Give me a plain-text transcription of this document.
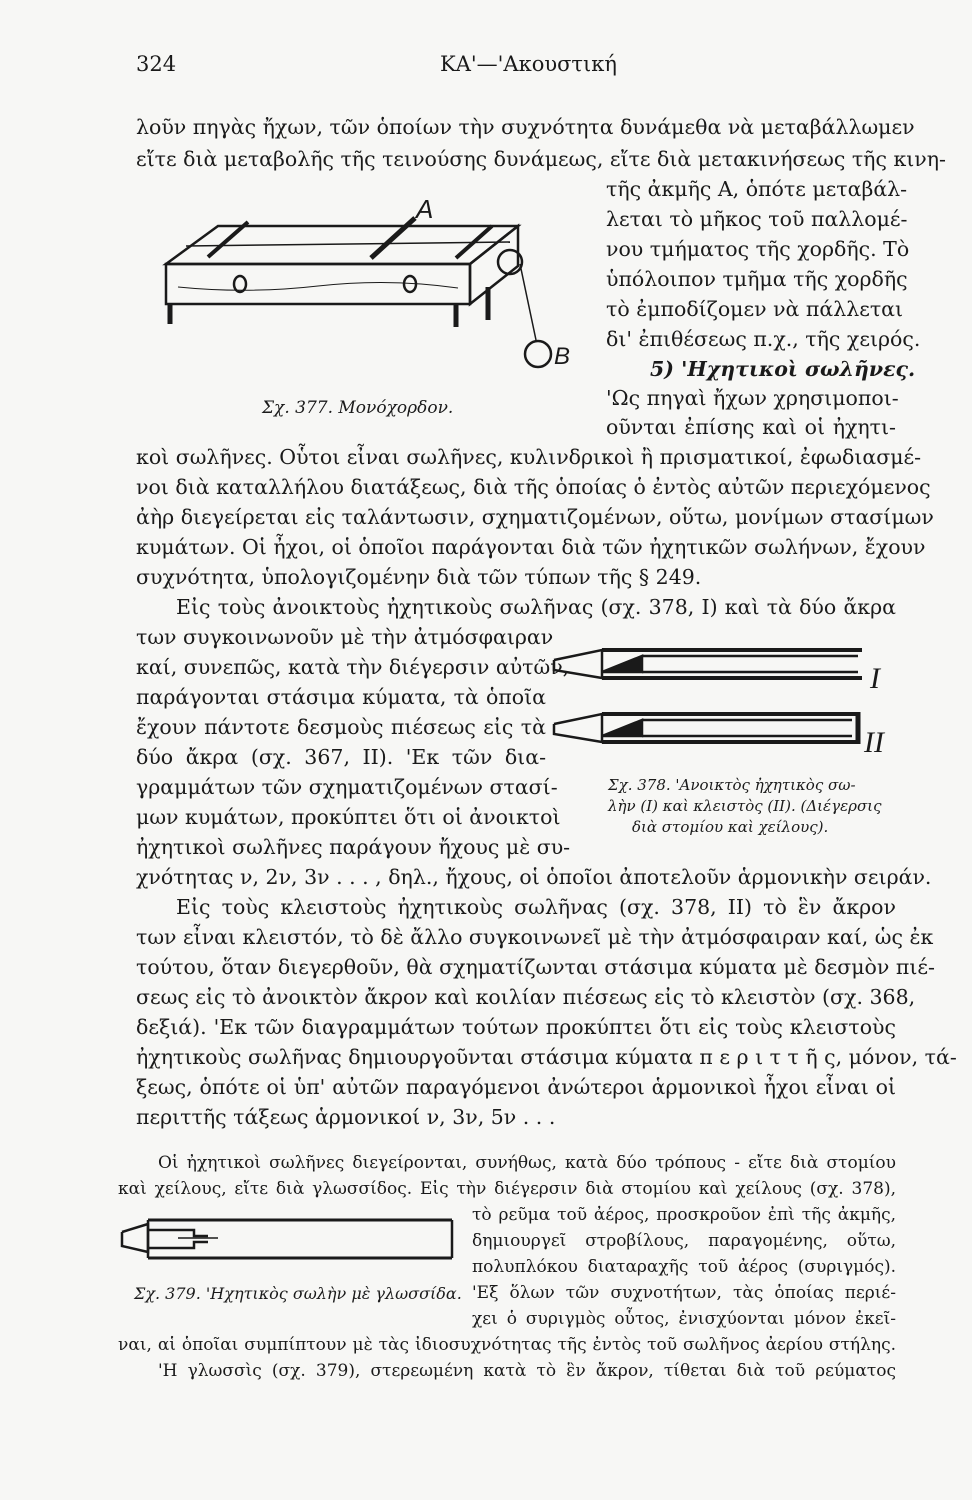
324	ΚΑ'—'Ακουστική
λοῦν πηγὰς ἤχων, τῶν ὁποίων τὴν συχνότητα δυνάμεθα νὰ μεταβάλλωμεν
εἴτε διὰ μεταβολῆς τῆς τεινούσης δυνάμεως, εἴτε διὰ μετακινήσεως τῆς κινη-
Α
Β
τῆς ἀκμῆς Α, ὁπότε μεταβάλ-
λεται τὸ μῆκος τοῦ παλλομέ-
νου τμήματος τῆς χορδῆς. Τὸ
ὑπόλοιπον τμῆμα τῆς χορδῆς
τὸ ἐμποδίζομεν νὰ πάλλεται
δι' ἐπιθέσεως π.χ., τῆς χειρός.
5) 'Ηχητικοὶ σωλῆνες.
'Ως πηγαὶ ἤχων χρησιμοποι-
οῦνται ἐπίσης καὶ οἱ ἠχητι-
Σχ. 377. Μονόχορδον.
κοὶ σωλῆνες. Οὗτοι εἶναι σωλῆνες, κυλινδρικοὶ ἢ πρισματικοί, ἐφωδιασμέ-
νοι διὰ καταλλήλου διατάξεως, διὰ τῆς ὁποίας ὁ ἐντὸς αὐτῶν περιεχόμενος
ἀὴρ διεγείρεται εἰς ταλάντωσιν, σχηματιζομένων, οὕτω, μονίμων στασίμων
κυμάτων. Οἱ ἦχοι, οἱ ὁποῖοι παράγονται διὰ τῶν ἠχητικῶν σωλήνων, ἔχουν
συχνότητα, ὑπολογιζομένην διὰ τῶν τύπων τῆς § 249.
Εἰς τοὺς ἀνοικτοὺς ἠχητικοὺς σωλῆνας (σχ. 378, Ι) καὶ τὰ δύο ἄκρα
των συγκοινωνοῦν μὲ τὴν ἀτμόσφαιραν
καί, συνεπῶς, κατὰ τὴν διέγερσιν αὐτῶν,
παράγονται στάσιμα κύματα, τὰ ὁποῖα
ἔχουν πάντοτε δεσμοὺς πιέσεως εἰς τὰ
δύο ἄκρα (σχ. 367, ΙΙ). 'Εκ τῶν δια-
γραμμάτων τῶν σχηματιζομένων στασί-
μων κυμάτων, προκύπτει ὅτι οἱ ἀνοικτοὶ
ἠχητικοὶ σωλῆνες παράγουν ἤχους μὲ συ-
Ι
ΙΙ
Σχ. 378. 'Ανοικτὸς ἠχητικὸς σω-
λὴν (Ι) καὶ κλειστὸς (ΙΙ). (Διέγερσις
διὰ στομίου καὶ χείλους).
χνότητας ν, 2ν, 3ν . . . , δηλ., ἤχους, οἱ ὁποῖοι ἀποτελοῦν ἁρμονικὴν σειράν.
Εἰς τοὺς κλειστοὺς ἠχητικοὺς σωλῆνας (σχ. 378, ΙΙ) τὸ ἓν ἄκρον
των εἶναι κλειστόν, τὸ δὲ ἄλλο συγκοινωνεῖ μὲ τὴν ἀτμόσφαιραν καί, ὡς ἐκ
τούτου, ὅταν διεγερθοῦν, θὰ σχηματίζωνται στάσιμα κύματα μὲ δεσμὸν πιέ-
σεως εἰς τὸ ἀνοικτὸν ἄκρον καὶ κοιλίαν πιέσεως εἰς τὸ κλειστὸν (σχ. 368,
δεξιά). 'Εκ τῶν διαγραμμάτων τούτων προκύπτει ὅτι εἰς τοὺς κλειστοὺς
ἠχητικοὺς σωλῆνας δημιουργοῦνται στάσιμα κύματα π ε ρ ι τ τ ῆ ς, μόνον, τά-
ξεως, ὁπότε οἱ ὑπ' αὐτῶν παραγόμενοι ἀνώτεροι ἁρμονικοὶ ἦχοι εἶναι οἱ
περιττῆς τάξεως ἁρμονικοί ν, 3ν, 5ν . . .
Οἱ ἠχητικοὶ σωλῆνες διεγείρονται, συνήθως, κατὰ δύο τρόπους - εἴτε διὰ στομίου
καὶ χείλους, εἴτε διὰ γλωσσίδος. Εἰς τὴν διέγερσιν διὰ στομίου καὶ χείλους (σχ. 378),
τὸ ρεῦμα τοῦ ἀέρος, προσκροῦον ἐπὶ τῆς ἀκμῆς,
δημιουργεῖ στροβίλους, παραγομένης, οὕτω,
πολυπλόκου διαταραχῆς τοῦ ἀέρος (συριγμός).
'Εξ ὅλων τῶν συχνοτήτων, τὰς ὁποίας περιέ-
χει ὁ συριγμὸς οὗτος, ἐνισχύονται μόνον ἐκεῖ-
Σχ. 379. 'Ηχητικὸς σωλὴν μὲ γλωσσίδα.
ναι, αἱ ὁποῖαι συμπίπτουν μὲ τὰς ἰδιοσυχνότητας τῆς ἐντὸς τοῦ σωλῆνος ἀερίου στήλης.
'Η γλωσσὶς (σχ. 379), στερεωμένη κατὰ τὸ ἓν ἄκρον, τίθεται διὰ τοῦ ρεύματος
